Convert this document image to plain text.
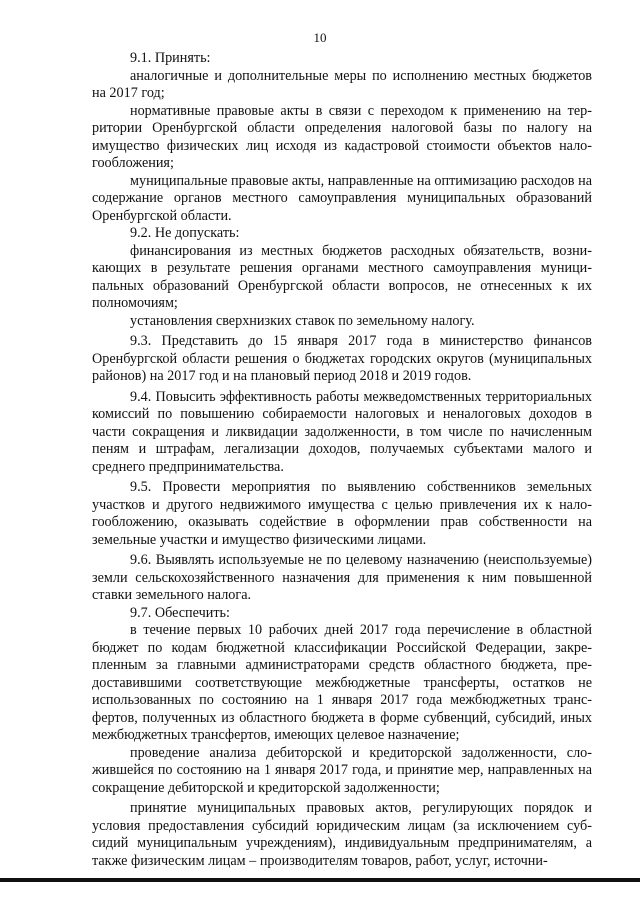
10

9.1. Принять:

аналогичные и дополнительные меры по исполнению местных бюджетов на 2017 год;

нормативные правовые акты в связи с переходом к применению на территории Оренбургской области определения налоговой базы по налогу на имущество физических лиц исходя из кадастровой стоимости объектов налогообложения;

муниципальные правовые акты, направленные на оптимизацию расходов на содержание органов местного самоуправления муниципальных образований Оренбургской области.

9.2. Не допускать:

финансирования из местных бюджетов расходных обязательств, возникающих в результате решения органами местного самоуправления муниципальных образований Оренбургской области вопросов, не отнесенных к их полномочиям;

установления сверхнизких ставок по земельному налогу.

9.3. Представить до 15 января 2017 года в министерство финансов Оренбургской области решения о бюджетах городских округов (муниципальных районов) на 2017 год и на плановый период 2018 и 2019 годов.

9.4. Повысить эффективность работы межведомственных территориальных комиссий по повышению собираемости налоговых и неналоговых доходов в части сокращения и ликвидации задолженности, в том числе по начисленным пеням и штрафам, легализации доходов, получаемых субъектами малого и среднего предпринимательства.

9.5. Провести мероприятия по выявлению собственников земельных участков и другого недвижимого имущества с целью привлечения их к налогообложению, оказывать содействие в оформлении прав собственности на земельные участки и имущество физическими лицами.

9.6. Выявлять используемые не по целевому назначению (неиспользуемые) земли сельскохозяйственного назначения для применения к ним повышенной ставки земельного налога.

9.7. Обеспечить:

в течение первых 10 рабочих дней 2017 года перечисление в областной бюджет по кодам бюджетной классификации Российской Федерации, закрепленным за главными администраторами средств областного бюджета, предоставившими соответствующие межбюджетные трансферты, остатков не использованных по состоянию на 1 января 2017 года межбюджетных трансфертов, полученных из областного бюджета в форме субвенций, субсидий, иных межбюджетных трансфертов, имеющих целевое назначение;

проведение анализа дебиторской и кредиторской задолженности, сложившейся по состоянию на 1 января 2017 года, и принятие мер, направленных на сокращение дебиторской и кредиторской задолженности;

принятие муниципальных правовых актов, регулирующих порядок и условия предоставления субсидий юридическим лицам (за исключением субсидий муниципальным учреждениям), индивидуальным предпринимателям, а также физическим лицам – производителям товаров, работ, услуг, источни-
